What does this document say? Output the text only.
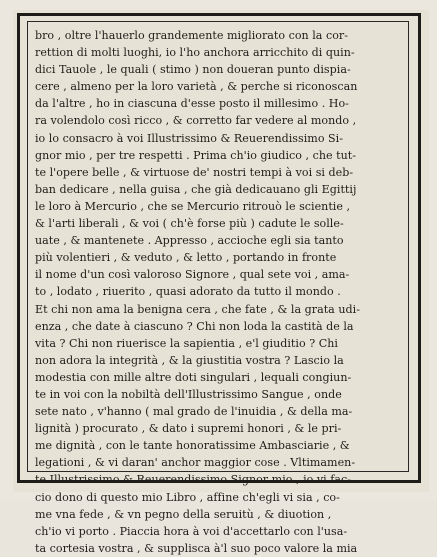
bro , oltre l'hauerlo grandemente migliorato con la cor-
rettion di molti luoghi, io l'ho anchora arricchito di quin-
dici Tauole , le quali ( stimo ) non doueran punto dispia-
cere , almeno per la loro varietà , & perche si riconoscan
da l'altre , ho in ciascuna d'esse posto il millesimo . Ho-
ra volendolo così ricco , & corretto far vedere al mondo ,
io lo consacro à voi Illustrissimo & Reuerendissimo Si-
gnor mio , per tre respetti . Prima ch'io giudico , che tut-
te l'opere belle , & virtuose de' nostri tempi à voi si deb-
ban dedicare , nella guisa , che già dedicauano gli Egittij
le loro à Mercurio , che se Mercurio ritrouò le scientie ,
& l'arti liberali , & voi ( ch'è forse più ) cadute le solle-
uate , & mantenete . Appresso , accioche egli sia tanto
più volentieri , & veduto , & letto , portando in fronte
il nome d'un così valoroso Signore , qual sete voi , ama-
to , lodato , riuerito , quasi adorato da tutto il mondo .
Et chi non ama la benigna cera , che fate , & la grata udi-
enza , che date à ciascuno ? Chi non loda la castità de la
vita ? Chi non riuerisce la sapientia , e'l giuditio ? Chi
non adora la integrità , & la giustitia vostra ? Lascio la
modestia con mille altre doti singulari , lequali congiun-
te in voi con la nobiltà dell'Illustrissimo Sangue , onde
sete nato , v'hanno ( mal grado de l'inuidia , & della ma-
lignità ) procurato , & dato i supremi honori , & le pri-
me dignità , con le tante honoratissime Ambasciarie , &
legationi , & vi daran' anchor maggior cose . Vltimamen-
te Illustrissimo & Reuerendissimo Signor mio , io vi fac-
cio dono di questo mio Libro , affine ch'egli vi sia , co-
me vna fede , & vn pegno della seruitù , & diuotion ,
ch'io vi porto . Piaccia hora à voi d'accettarlo con l'usa-
ta cortesia vostra , & supplisca à'l suo poco valore la mia
